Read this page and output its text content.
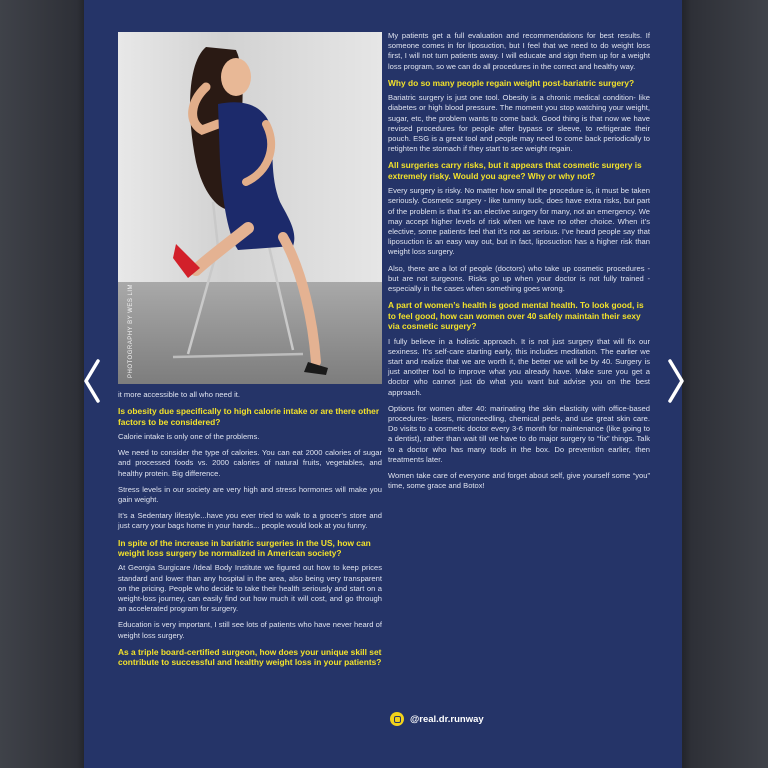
PHOTOGRAPHY BY WES LIM

it more accessible to all who need it.

Is obesity due specifically to high calorie intake or are there other factors to be considered?

Calorie intake is only one of the problems.

We need to consider the type of calories. You can eat 2000 calories of sugar and processed foods vs. 2000 calories of natural fruits, vegetables, and healthy protein. Big difference.

Stress levels in our society are very high and stress hormones will make you gain weight.

It’s a Sedentary lifestyle...have you ever tried to walk to a grocer’s store and just carry your bags home in your hands... people would look at you funny.

In spite of the increase in bariatric surgeries in the US, how can weight loss surgery be normalized in American society?

At Georgia Surgicare /Ideal Body Institute we figured out how to keep prices standard and lower than any hospital in the area, also being very transparent on the pricing. People who decide to take their health seriously and start on a weight-loss journey, can easily find out how much it will cost, and go through an accelerated program for surgery.

Education is very important, I still see lots of patients who have never heard of weight loss surgery.

As a triple board-certified surgeon, how does your unique skill set contribute to successful and healthy weight loss in your patients?

My patients get a full evaluation and recommendations for best results. If someone comes in for liposuction, but I feel that we need to do weight loss first, I will not turn patients away. I will educate and sign them up for a weight loss program, so we can do all procedures in the correct and healthy way.

Why do so many people regain weight post-bariatric surgery?

Bariatric surgery is just one tool. Obesity is a chronic medical condition- like diabetes or high blood pressure. The moment you stop watching your weight, sugar, etc, the problem wants to come back. Good thing is that now we have revised procedures for people after bypass or sleeve, to refrigerate their pouch. ESG is a great tool and people may need to come back periodically to retighten the stomach if they start to see weight regain.

All surgeries carry risks, but it appears that cosmetic surgery is extremely risky. Would you agree? Why or why not?

Every surgery is risky. No matter how small the procedure is, it must be taken seriously. Cosmetic surgery - like tummy tuck, does have extra risks, but part of the problem is that it’s an elective surgery for many, not an emergency. We may accept higher levels of risk when we have no other choice. When it’s elective, some patients feel that it’s not as serious. I’ve heard people say that liposuction is an easy way out, but in fact, liposuction has a higher risk than weight loss surgery.

Also, there are a lot of people (doctors) who take up cosmetic procedures - but are not surgeons. Risks go up when your doctor is not fully trained - especially in the cases when something goes wrong.

A part of women’s health is good mental health. To look good, is to feel good, how can women over 40 safely maintain their sexy via cosmetic surgery?

I fully believe in a holistic approach. It is not just surgery that will fix our sexiness. It’s self-care starting early, this includes meditation. The earlier we start and realize that we are worth it, the better we will be by 40. Surgery is just another tool to improve what you already have. Make sure you get a doctor who cannot just do what you want but advise you on the best approach.

Options for women after 40: marinating the skin elasticity with office-based procedures- lasers, microneedling, chemical peels, and use great skin care. Do visits to a cosmetic doctor every 3-6 month for maintenance (like going to a dentist), rather than wait till we have to do major surgery to “fix” things. Talk to a doctor who has many tools in the box. Do prevention earlier, then treatments later.

Women take care of everyone and forget about self, give yourself some “you” time, some grace and Botox!

@real.dr.runway
